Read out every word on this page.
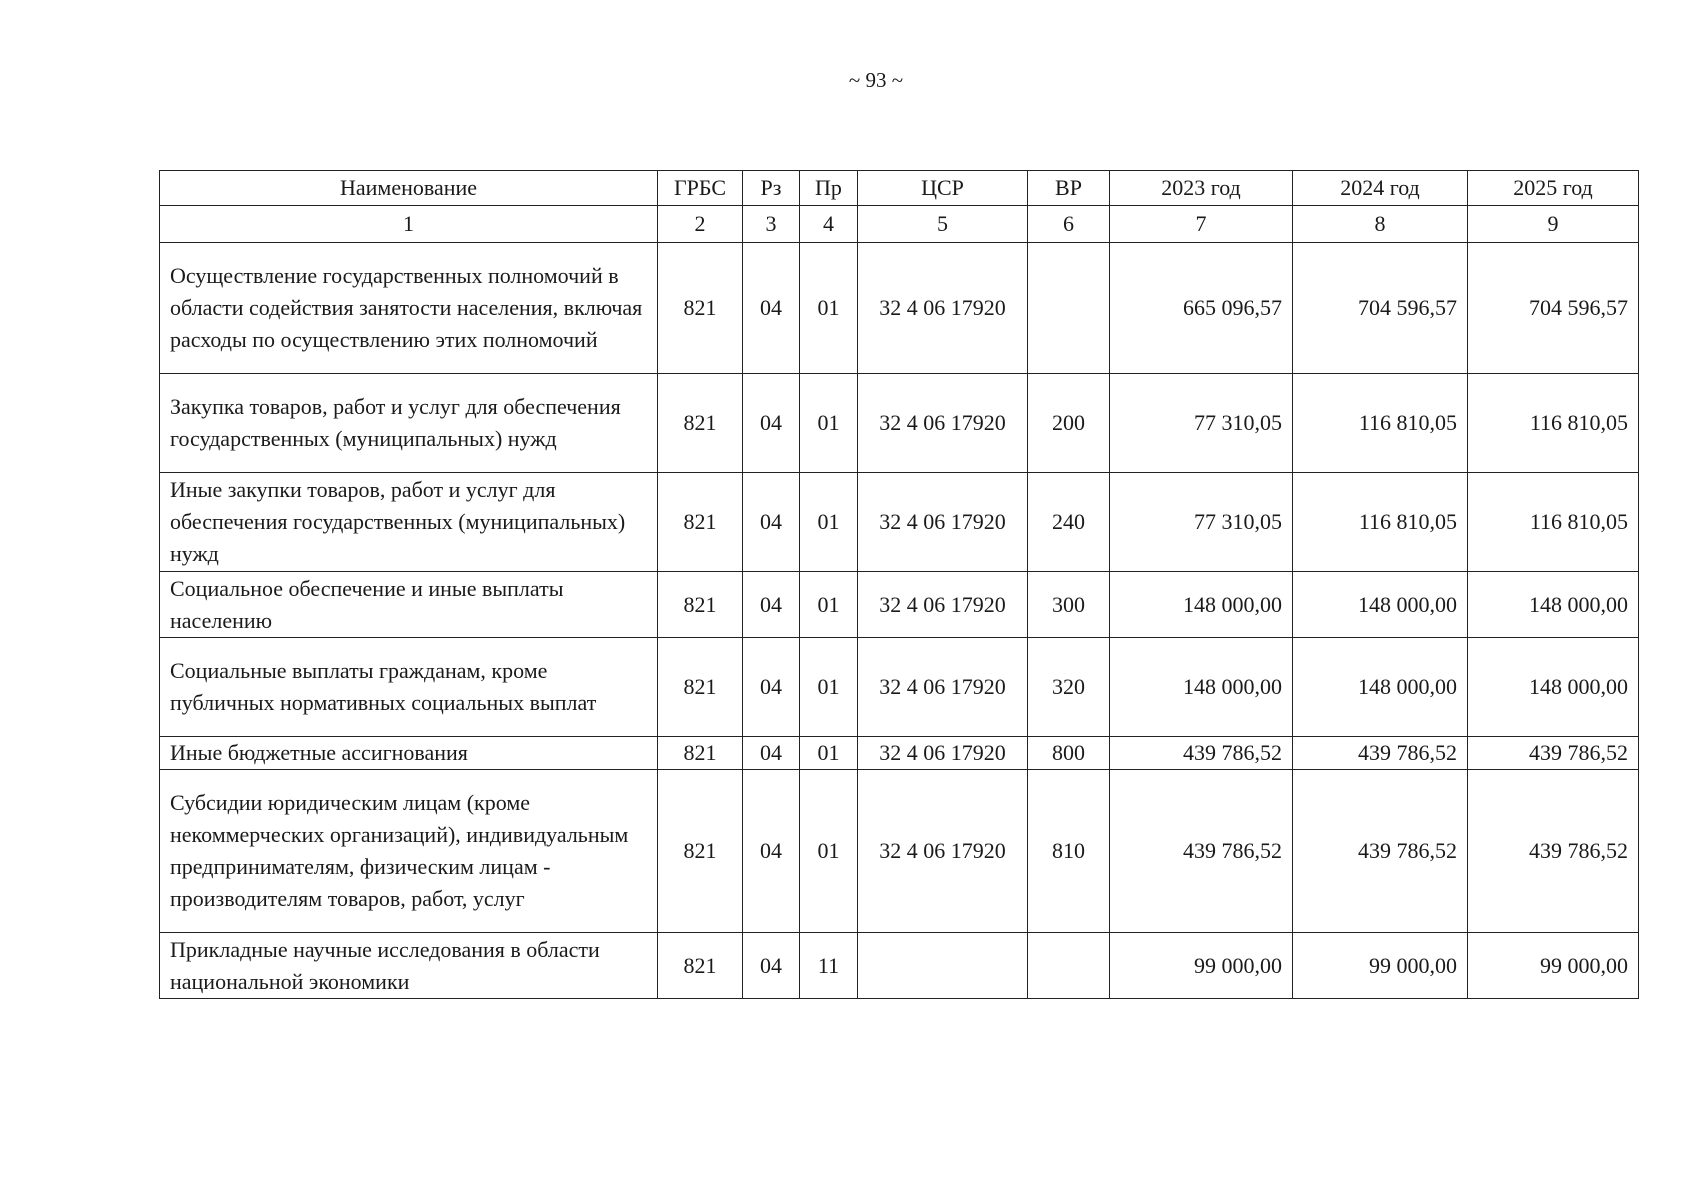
~ 93 ~
Наименование	ГРБС	Рз	Пр	ЦСР	ВР	2023 год	2024 год	2025 год
1	2	3	4	5	6	7	8	9
Осуществление государственных полномочий в области содействия занятости населения, включая расходы по осуществлению этих полномочий	821	04	01	32 4 06 17920		665 096,57	704 596,57	704 596,57
Закупка товаров, работ и услуг для обеспечения государственных (муниципальных) нужд	821	04	01	32 4 06 17920	200	77 310,05	116 810,05	116 810,05
Иные закупки товаров, работ и услуг для обеспечения государственных (муниципальных) нужд	821	04	01	32 4 06 17920	240	77 310,05	116 810,05	116 810,05
Социальное обеспечение и иные выплаты населению	821	04	01	32 4 06 17920	300	148 000,00	148 000,00	148 000,00
Социальные выплаты гражданам, кроме публичных нормативных социальных выплат	821	04	01	32 4 06 17920	320	148 000,00	148 000,00	148 000,00
Иные бюджетные ассигнования	821	04	01	32 4 06 17920	800	439 786,52	439 786,52	439 786,52
Субсидии юридическим лицам (кроме некоммерческих организаций), индивидуальным предпринимателям, физическим лицам - производителям товаров, работ, услуг	821	04	01	32 4 06 17920	810	439 786,52	439 786,52	439 786,52
Прикладные научные исследования в области национальной экономики	821	04	11			99 000,00	99 000,00	99 000,00
